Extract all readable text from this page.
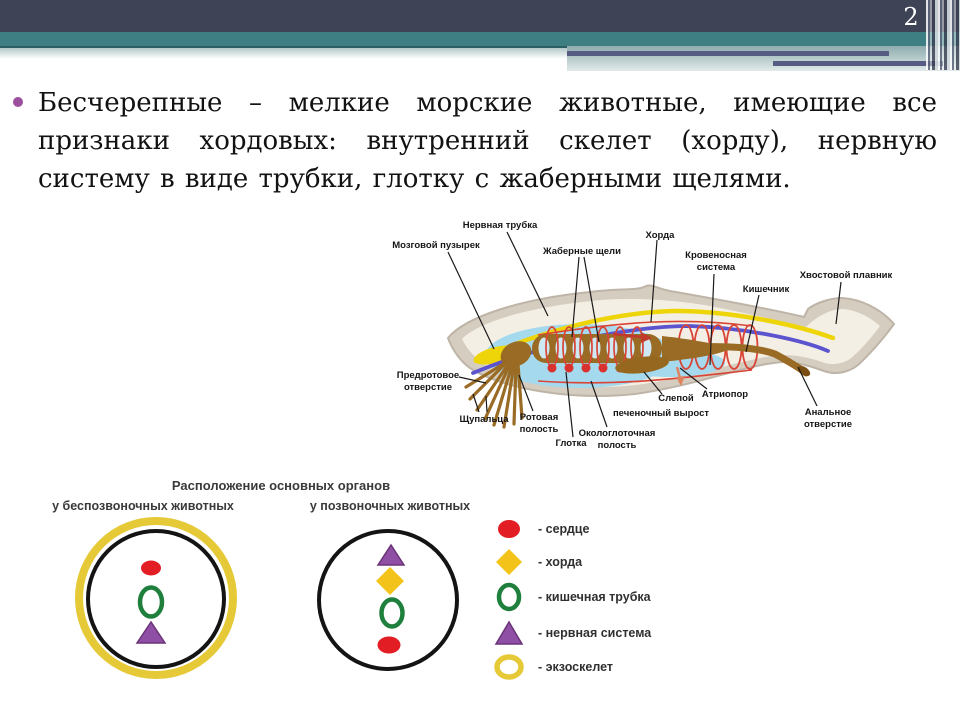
2
Бесчерепные – мелкие морские животные, имеющие все
признаки хордовых: внутренний скелет (хорду), нервную
систему в виде трубки, глотку с жаберными щелями.
Нервная трубка
Мозговой пузырек
Жаберные щели
Хорда
Кровеносная
система
Кишечник
Хвостовой плавник
Предротовое
отверстие
Щупальца Ротовая
полость
Глотка
Окологлоточная
полость
Слепой
печеночный вырост
Атриопор
Анальное
отверстие
Расположение основных органов
у беспозвоночных животных	у позвоночных животных
- сердце
- хорда
- кишечная трубка
- нервная система
- экзоскелет
